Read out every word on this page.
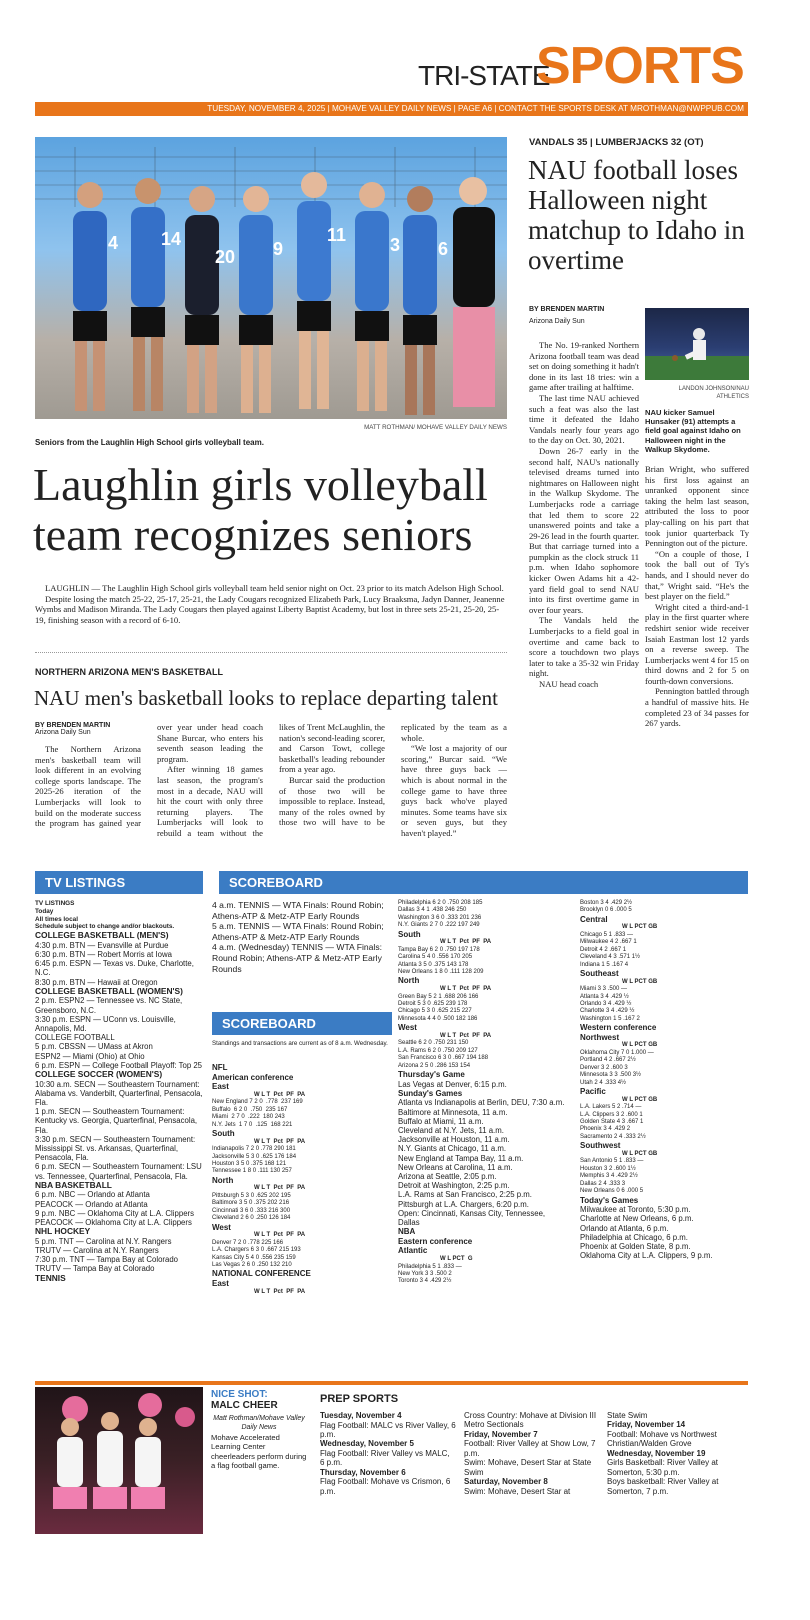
TRI-STATE
SPORTS
TUESDAY, NOVEMBER 4, 2025 | MOHAVE VALLEY DAILY NEWS | PAGE A6 | CONTACT THE SPORTS DESK AT MROTHMAN@NWPPUB.COM
4 14
20 9
11 3 6
MATT ROTHMAN/ MOHAVE VALLEY DAILY NEWS
Seniors from the Laughlin High School girls volleyball team.
Laughlin girls volleyball team recognizes seniors

LAUGHLIN — The Laughlin High School girls volleyball team held senior night on Oct. 23 prior to its match Adelson High School.

Despite losing the match 25-22, 25-17, 25-21, the Lady Cougars recognized Elizabeth Park, Lucy Braaksma, Jadyn Danner, Jeanenne Wymbs and Madison Miranda. The Lady Cougars then played against Liberty Baptist Academy, but lost in three sets 25-21, 25-20, 25-19, finishing season with a record of 6-10.

NORTHERN ARIZONA MEN'S BASKETBALL
NAU men's basketball looks to replace departing talent
BY BRENDEN MARTIN
Arizona Daily Sun

The Northern Arizona men's basketball team will look different in an evolving college sports landscape. The 2025-26 iteration of the Lumberjacks will look to build on the moderate success the program has gained year over year under head coach Shane Burcar, who enters his seventh season leading the program.

After winning 18 games last season, the program's most in a decade, NAU will hit the court with only three returning players. The Lumberjacks will look to rebuild a team without the likes of Trent McLaughlin, the nation's second-leading scorer, and Carson Towt, college basketball's leading rebounder from a year ago.

Burcar said the production of those two will be impossible to replace. Instead, many of the roles owned by those two will have to be replicated by the team as a whole.

“We lost a majority of our scoring,” Burcar said. “We have three guys back — which is about normal in the college game to have three guys back who've played minutes. Some teams have six or seven guys, but they haven't played.”

VANDALS 35 | LUMBERJACKS 32 (OT)
NAU football loses Halloween night matchup to Idaho in overtime
BY BRENDEN MARTIN
Arizona Daily Sun

The No. 19-ranked Northern Arizona football team was dead set on doing something it hadn't done in its last 18 tries: win a game after trailing at halftime.

The last time NAU achieved such a feat was also the last time it defeated the Idaho Vandals nearly four years ago to the day on Oct. 30, 2021.

Down 26-7 early in the second half, NAU's nationally televised dreams turned into nightmares on Halloween night in the Walkup Skydome. The Lumberjacks rode a carriage that led them to score 22 unanswered points and take a 29-26 lead in the fourth quarter. But that carriage turned into a pumpkin as the clock struck 11 p.m. when Idaho sophomore kicker Owen Adams hit a 42-yard field goal to send NAU into its first overtime game in over four years.

The Vandals held the Lumberjacks to a field goal in overtime and came back to score a touchdown two plays later to take a 35-32 win Friday night.

NAU head coach

LANDON JOHNSON/NAU ATHLETICS
NAU kicker Samuel Hunsaker (91) attempts a field goal against Idaho on Halloween night in the Walkup Skydome.

Brian Wright, who suffered his first loss against an unranked opponent since taking the helm last season, attributed the loss to poor play-calling on his part that took junior quarterback Ty Pennington out of the picture.

“On a couple of those, I took the ball out of Ty's hands, and I should never do that,” Wright said. “He's the best player on the field.”

Wright cited a third-and-1 play in the first quarter where redshirt senior wide receiver Isaiah Eastman lost 12 yards on a reverse sweep. The Lumberjacks went 4 for 15 on third downs and 2 for 5 on fourth-down conversions.

Pennington battled through a handful of massive hits. He completed 23 of 34 passes for 267 yards.

TV LISTINGS
TV LISTINGS
Today
All times local
Schedule subject to change and/or blackouts.
COLLEGE BASKETBALL (MEN'S)
4:30 p.m. BTN — Evansville at Purdue
6:30 p.m. BTN — Robert Morris at Iowa
6:45 p.m. ESPN — Texas vs. Duke, Charlotte, N.C.
8:30 p.m. BTN — Hawaii at Oregon
COLLEGE BASKETBALL (WOMEN'S)
2 p.m. ESPN2 — Tennessee vs. NC State, Greensboro, N.C.
3:30 p.m. ESPN — UConn vs. Louisville, Annapolis, Md.
COLLEGE FOOTBALL
5 p.m. CBSSN — UMass at Akron
ESPN2 — Miami (Ohio) at Ohio
6 p.m. ESPN — College Football Playoff: Top 25
COLLEGE SOCCER (WOMEN'S)
10:30 a.m. SECN — Southeastern Tournament: Alabama vs. Vanderbilt, Quarterfinal, Pensacola, Fla.
1 p.m. SECN — Southeastern Tournament: Kentucky vs. Georgia, Quarterfinal, Pensacola, Fla.
3:30 p.m. SECN — Southeastern Tournament: Mississippi St. vs. Arkansas, Quarterfinal, Pensacola, Fla.
6 p.m. SECN — Southeastern Tournament: LSU vs. Tennessee, Quarterfinal, Pensacola, Fla.
NBA BASKETBALL
6 p.m. NBC — Orlando at Atlanta
PEACOCK — Orlando at Atlanta
9 p.m. NBC — Oklahoma City at L.A. Clippers
PEACOCK — Oklahoma City at L.A. Clippers
NHL HOCKEY
5 p.m. TNT — Carolina at N.Y. Rangers
TRUTV — Carolina at N.Y. Rangers
7:30 p.m. TNT — Tampa Bay at Colorado
TRUTV — Tampa Bay at Colorado
TENNIS
SCOREBOARD

4 a.m. TENNIS — WTA Finals: Round Robin; Athens-ATP & Metz-ATP Early Rounds

5 a.m. TENNIS — WTA Finals: Round Robin; Athens-ATP & Metz-ATP Early Rounds

4 a.m. (Wednesday) TENNIS — WTA Finals: Round Robin; Athens-ATP & Metz-ATP Early Rounds

SCOREBOARD
Standings and transactions are current as of 8 a.m. Wednesday.
NFL
American conference
East
W L T  Pct  PF  PA
New England 7 2 0  .778  237 169
Buffalo  6 2 0  .750  235 167
Miami  2 7 0  .222  180 243
N.Y. Jets  1 7 0  .125  168 221
South
W L T  Pct  PF  PA
Indianapolis 7 2 0 .778 290 181
Jacksonville 5 3 0 .625 176 184
Houston 3 5 0 .375 168 121
Tennessee 1 8 0 .111 130 257
North
W L T  Pct  PF  PA
Pittsburgh 5 3 0 .625 202 195
Baltimore 3 5 0 .375 202 216
Cincinnati 3 6 0 .333 216 300
Cleveland 2 6 0 .250 126 184
West
W L T  Pct  PF  PA
Denver 7 2 0 .778 225 166
L.A. Chargers 6 3 0 .667 215 193
Kansas City 5 4 0 .556 235 159
Las Vegas 2 6 0 .250 132 210
NATIONAL CONFERENCE
East
W L T  Pct  PF  PA
Philadelphia 6 2 0 .750 208 185
Dallas 3 4 1 .438 246 250
Washington 3 6 0 .333 201 236
N.Y. Giants 2 7 0 .222 197 249
South
W L T  Pct  PF  PA
Tampa Bay 6 2 0 .750 197 178
Carolina 5 4 0 .556 170 205
Atlanta 3 5 0 .375 143 178
New Orleans 1 8 0 .111 128 209
North
W L T  Pct  PF  PA
Green Bay 5 2 1 .688 206 166
Detroit 5 3 0 .625 239 178
Chicago 5 3 0 .625 215 227
Minnesota 4 4 0 .500 182 186
West
W L T  Pct  PF  PA
Seattle 6 2 0 .750 231 150
L.A. Rams 6 2 0 .750 209 127
San Francisco 6 3 0 .667 194 188
Arizona 2 5 0 .286 153 154
Thursday's Game
Las Vegas at Denver, 6:15 p.m.
Sunday's Games
Atlanta vs Indianapolis at Berlin, DEU, 7:30 a.m.
Baltimore at Minnesota, 11 a.m.
Buffalo at Miami, 11 a.m.
Cleveland at N.Y. Jets, 11 a.m.
Jacksonville at Houston, 11 a.m.
N.Y. Giants at Chicago, 11 a.m.
New England at Tampa Bay, 11 a.m.
New Orleans at Carolina, 11 a.m.
Arizona at Seattle, 2:05 p.m.
Detroit at Washington, 2:25 p.m.
L.A. Rams at San Francisco, 2:25 p.m.
Pittsburgh at L.A. Chargers, 6:20 p.m.
Open: Cincinnati, Kansas City, Tennessee, Dallas
NBA
Eastern conference
Atlantic
W L PCT  G
Philadelphia 5 1 .833 —
New York 3 3 .500 2
Toronto 3 4 .429 2½
Boston 3 4 .429 2½
Brooklyn 0 6 .000 5
Central
W L PCT GB
Chicago 5 1 .833 —
Milwaukee 4 2 .667 1
Detroit 4 2 .667 1
Cleveland 4 3 .571 1½
Indiana 1 5 .167 4
Southeast
W L PCT GB
Miami 3 3 .500 —
Atlanta 3 4 .429 ½
Orlando 3 4 .429 ½
Charlotte 3 4 .429 ½
Washington 1 5 .167 2
Western conference
Northwest
W L PCT GB
Oklahoma City 7 0 1.000 —
Portland 4 2 .667 2½
Denver 3 2 .600 3
Minnesota 3 3 .500 3½
Utah 2 4 .333 4½
Pacific
W L PCT GB
L.A. Lakers 5 2 .714 —
L.A. Clippers 3 2 .600 1
Golden State 4 3 .667 1
Phoenix 3 4 .429 2
Sacramento 2 4 .333 2½
Southwest
W L PCT GB
San Antonio 5 1 .833 —
Houston 3 2 .600 1½
Memphis 3 4 .429 2½
Dallas 2 4 .333 3
New Orleans 0 6 .000 5
Today's Games
Milwaukee at Toronto, 5:30 p.m.
Charlotte at New Orleans, 6 p.m.
Orlando at Atlanta, 6 p.m.
Philadelphia at Chicago, 6 p.m.
Phoenix at Golden State, 8 p.m.
Oklahoma City at L.A. Clippers, 9 p.m.
NICE SHOT:
MALC CHEER
Matt Rothman/Mohave Valley Daily News
Mohave Accelerated Learning Center cheerleaders perform during a flag football game.
PREP SPORTS
Tuesday, November 4
Flag Football: MALC vs River Valley, 6 p.m.
Wednesday, November 5
Flag Football: River Valley vs MALC, 6 p.m.
Thursday, November 6
Flag Football: Mohave vs Crismon, 6 p.m.
Cross Country: Mohave at Division III Metro Sectionals
Friday, November 7
Football: River Valley at Show Low, 7 p.m.
Swim: Mohave, Desert Star at State Swim
Saturday, November 8
Swim: Mohave, Desert Star at
State Swim
Friday, November 14
Football: Mohave vs Northwest Christian/Walden Grove
Wednesday, November 19
Girls Basketball: River Valley at Somerton, 5:30 p.m.
Boys basketball: River Valley at Somerton, 7 p.m.
